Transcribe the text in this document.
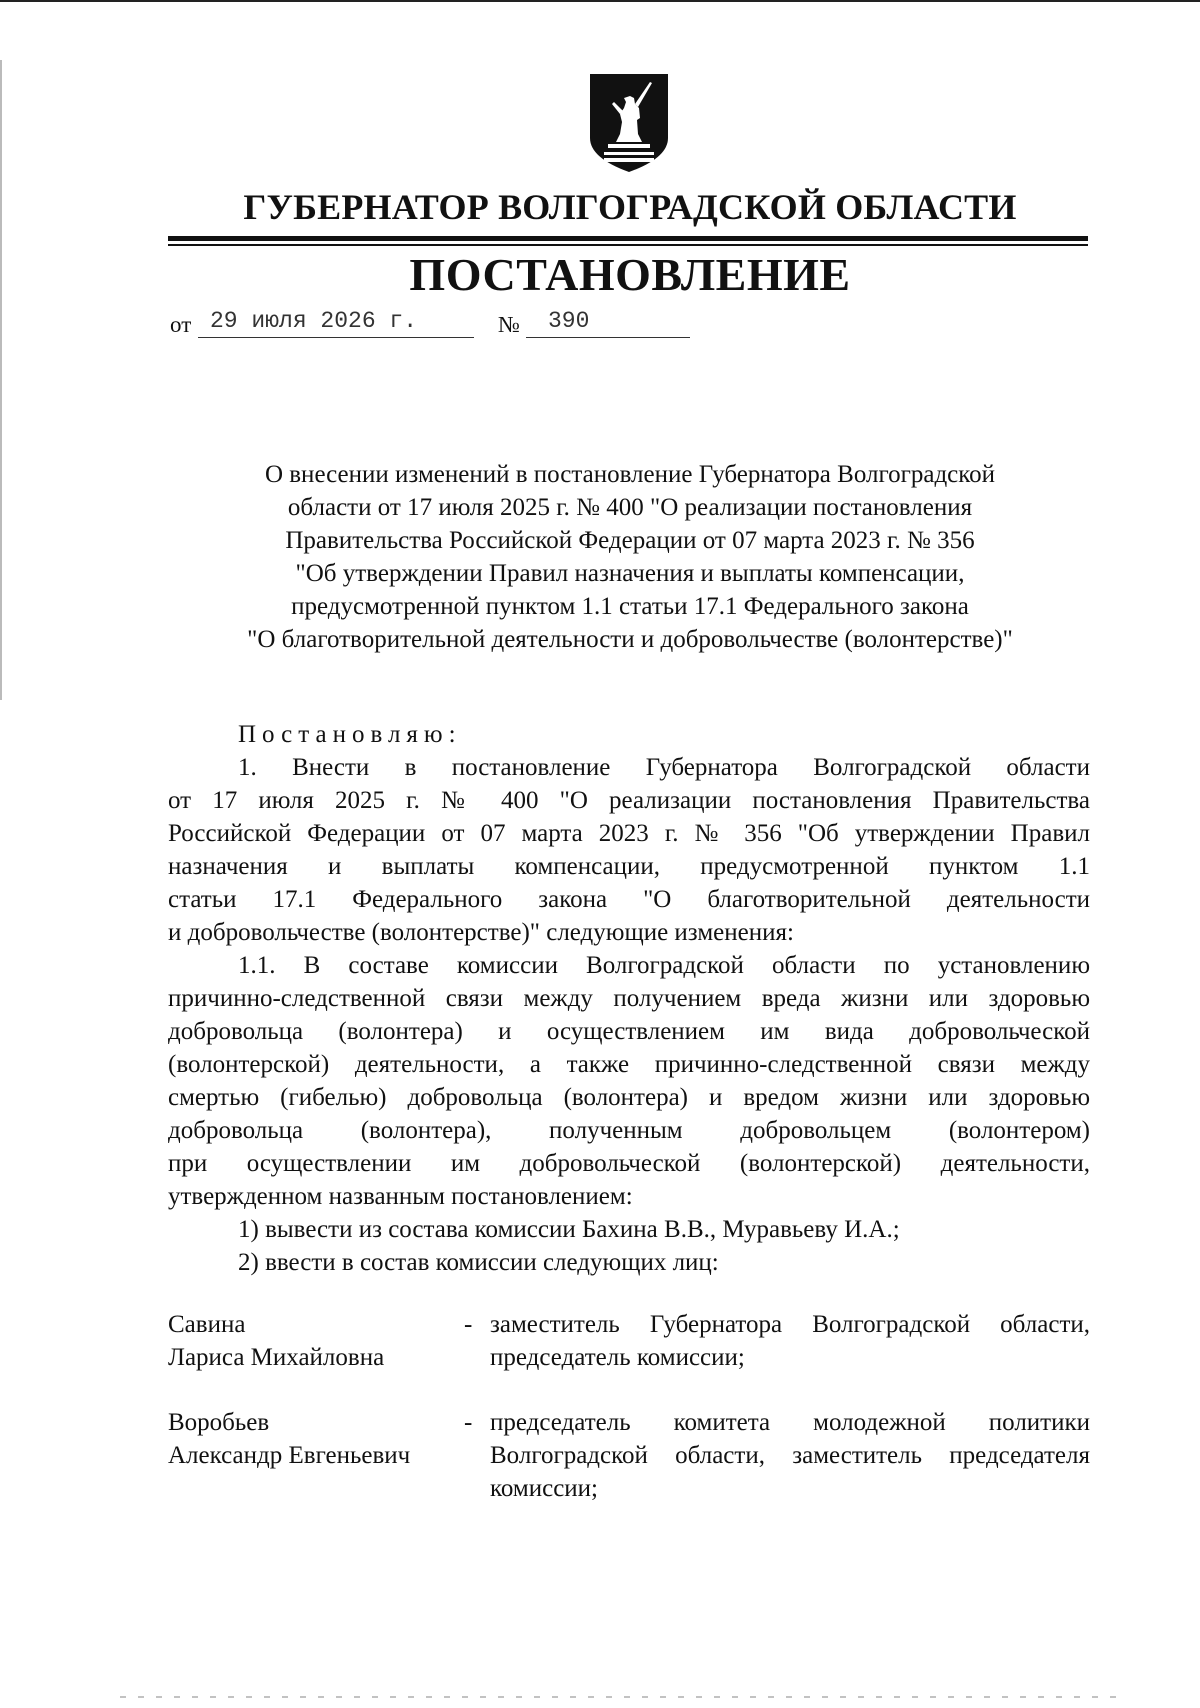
ГУБЕРНАТОР ВОЛГОГРАДСКОЙ ОБЛАСТИ
ПОСТАНОВЛЕНИЕ
от 29 июля 2026 г.	№ 390
О внесении изменений в постановление Губернатора Волгоградской
области от 17 июля 2025 г. № 400 "О реализации постановления
Правительства Российской Федерации от 07 марта 2023 г. № 356
"Об утверждении Правил назначения и выплаты компенсации,
предусмотренной пунктом 1.1 статьи 17.1 Федерального закона
"О благотворительной деятельности и добровольчестве (волонтерстве)"
Постановляю:
1. Внести в постановление Губернатора Волгоградской области
от 17 июля 2025 г. № 400 "О реализации постановления Правительства
Российской Федерации от 07 марта 2023 г. № 356 "Об утверждении Правил
назначения и выплаты компенсации, предусмотренной пунктом 1.1
статьи 17.1 Федерального закона "О благотворительной деятельности
и добровольчестве (волонтерстве)" следующие изменения:
1.1. В составе комиссии Волгоградской области по установлению
причинно-следственной связи между получением вреда жизни или здоровью
добровольца (волонтера) и осуществлением им вида добровольческой
(волонтерской) деятельности, а также причинно-следственной связи между
смертью (гибелью) добровольца (волонтера) и вредом жизни или здоровью
добровольца (волонтера), полученным добровольцем (волонтером)
при осуществлении им добровольческой (волонтерской) деятельности,
утвержденном названным постановлением:
1) вывести из состава комиссии Бахина В.В., Муравьеву И.А.;
2) ввести в состав комиссии следующих лиц:
Савина
Лариса Михайловна
- заместитель Губернатора Волгоградской области, председатель комиссии;
Воробьев
Александр Евгеньевич
- председатель комитета молодежной политики Волгоградской области, заместитель председателя комиссии;
